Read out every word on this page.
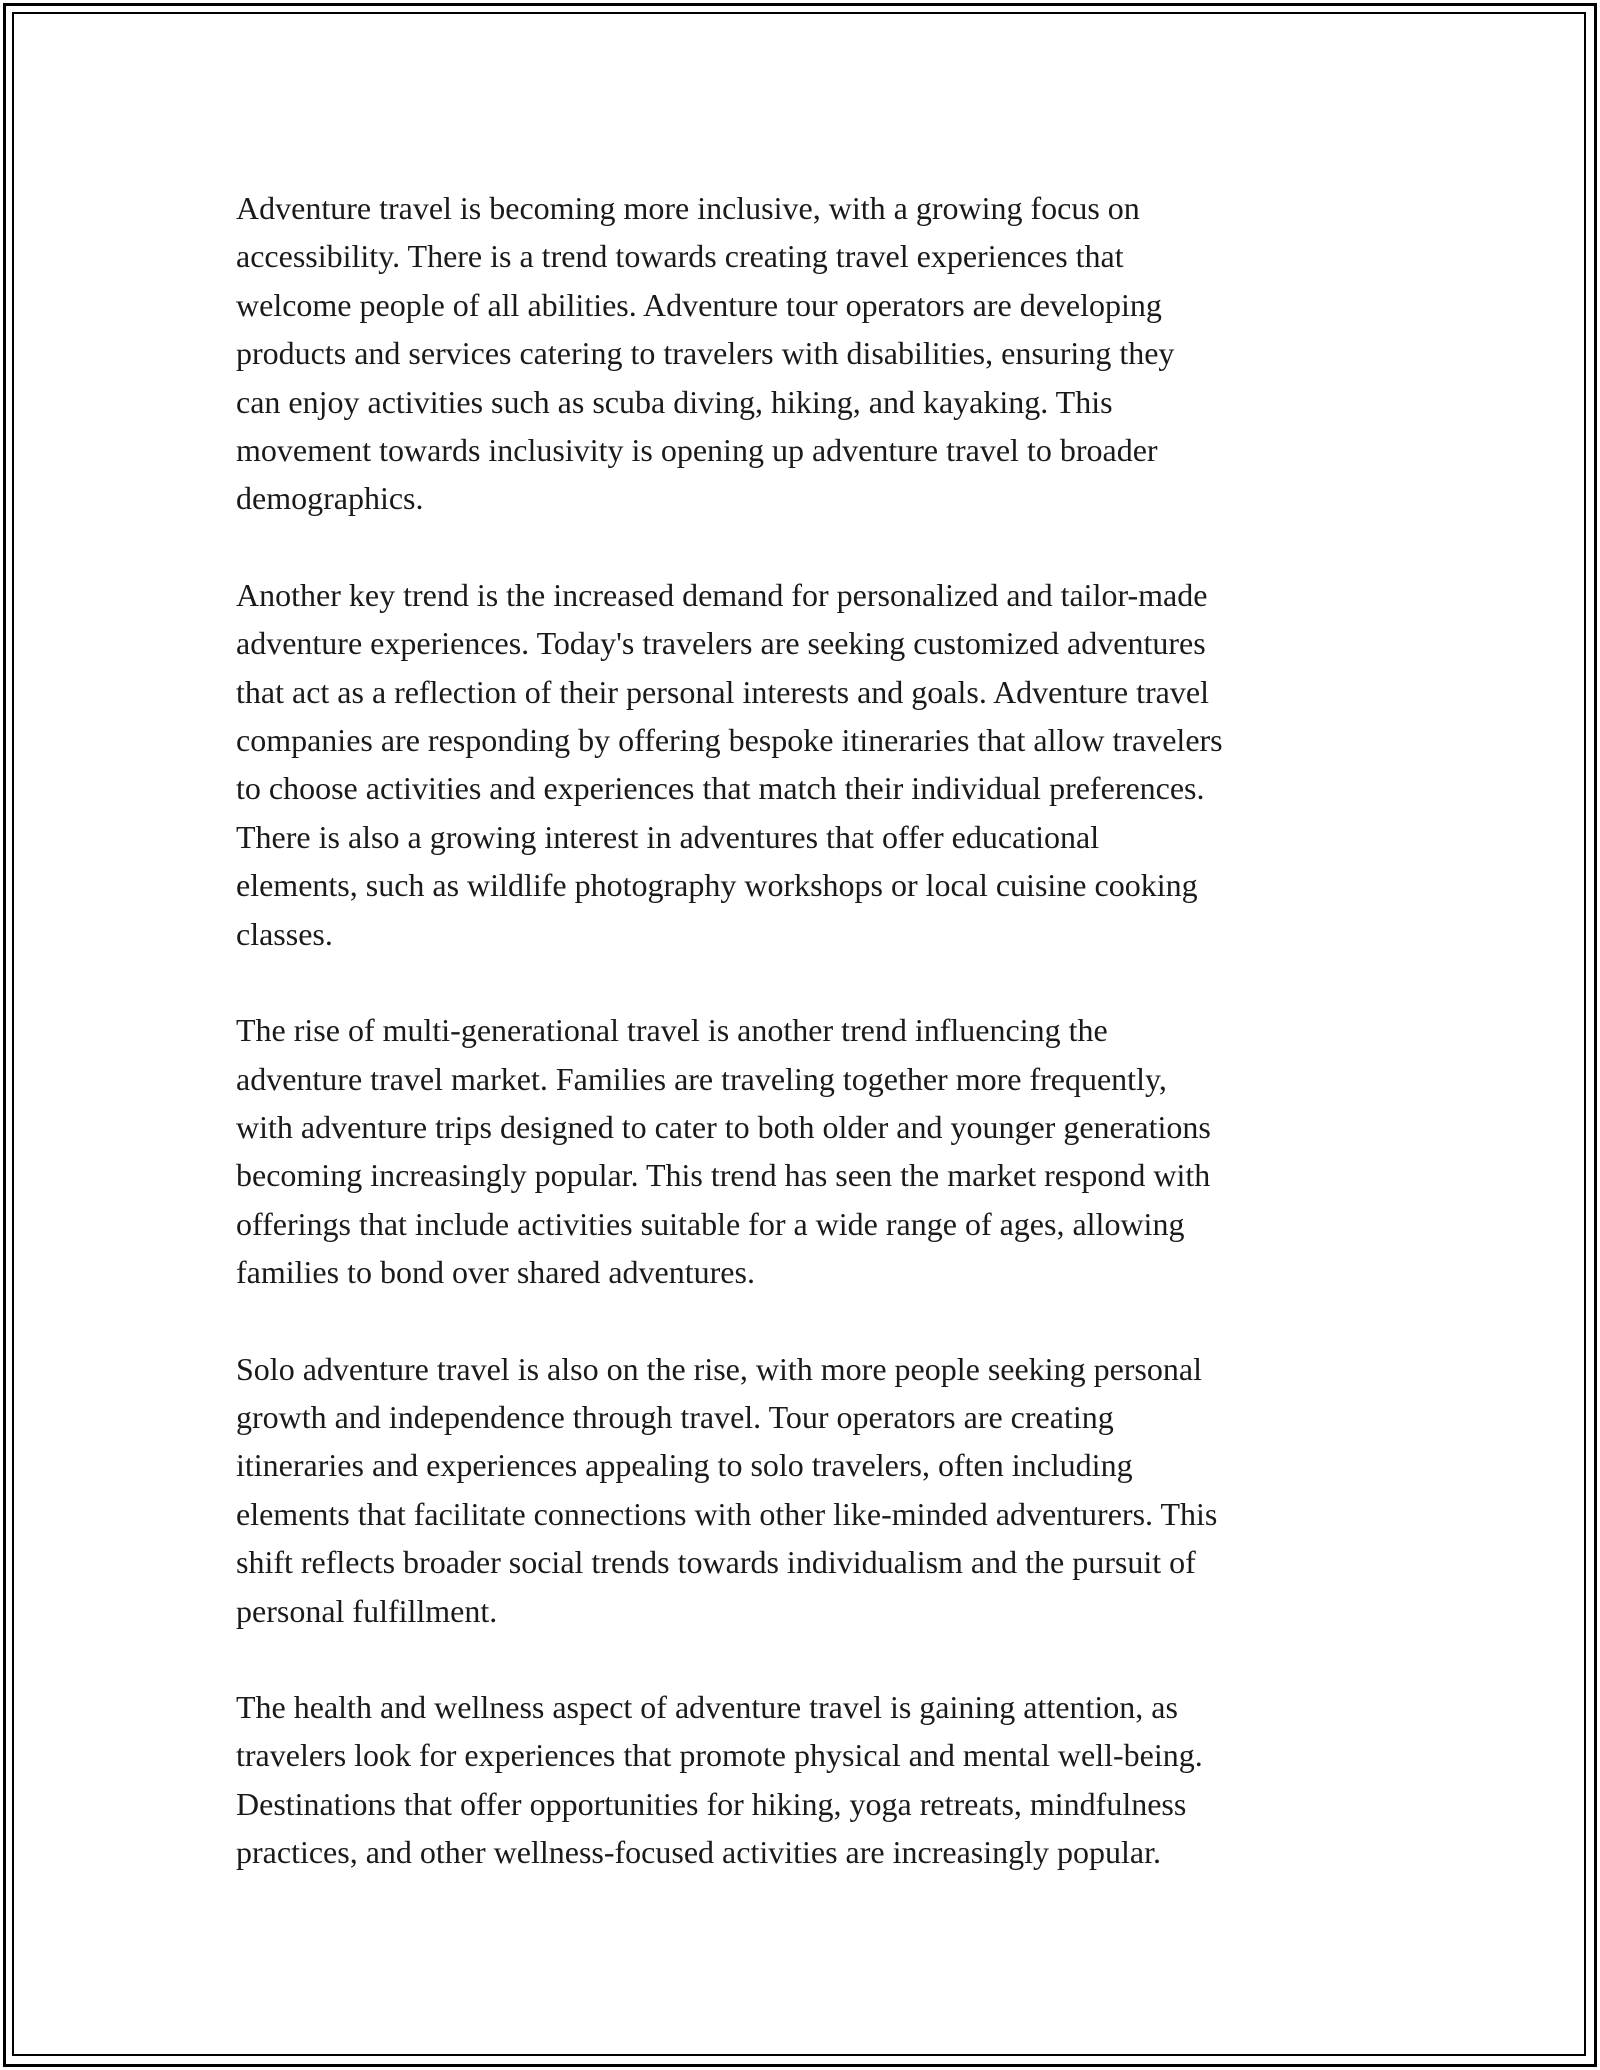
Adventure travel is becoming more inclusive, with a growing focus on
accessibility. There is a trend towards creating travel experiences that
welcome people of all abilities. Adventure tour operators are developing
products and services catering to travelers with disabilities, ensuring they
can enjoy activities such as scuba diving, hiking, and kayaking. This
movement towards inclusivity is opening up adventure travel to broader
demographics.

Another key trend is the increased demand for personalized and tailor-made
adventure experiences. Today's travelers are seeking customized adventures
that act as a reflection of their personal interests and goals. Adventure travel
companies are responding by offering bespoke itineraries that allow travelers
to choose activities and experiences that match their individual preferences.
There is also a growing interest in adventures that offer educational
elements, such as wildlife photography workshops or local cuisine cooking
classes.

The rise of multi-generational travel is another trend influencing the
adventure travel market. Families are traveling together more frequently,
with adventure trips designed to cater to both older and younger generations
becoming increasingly popular. This trend has seen the market respond with
offerings that include activities suitable for a wide range of ages, allowing
families to bond over shared adventures.

Solo adventure travel is also on the rise, with more people seeking personal
growth and independence through travel. Tour operators are creating
itineraries and experiences appealing to solo travelers, often including
elements that facilitate connections with other like-minded adventurers. This
shift reflects broader social trends towards individualism and the pursuit of
personal fulfillment.

The health and wellness aspect of adventure travel is gaining attention, as
travelers look for experiences that promote physical and mental well-being.
Destinations that offer opportunities for hiking, yoga retreats, mindfulness
practices, and other wellness-focused activities are increasingly popular.
